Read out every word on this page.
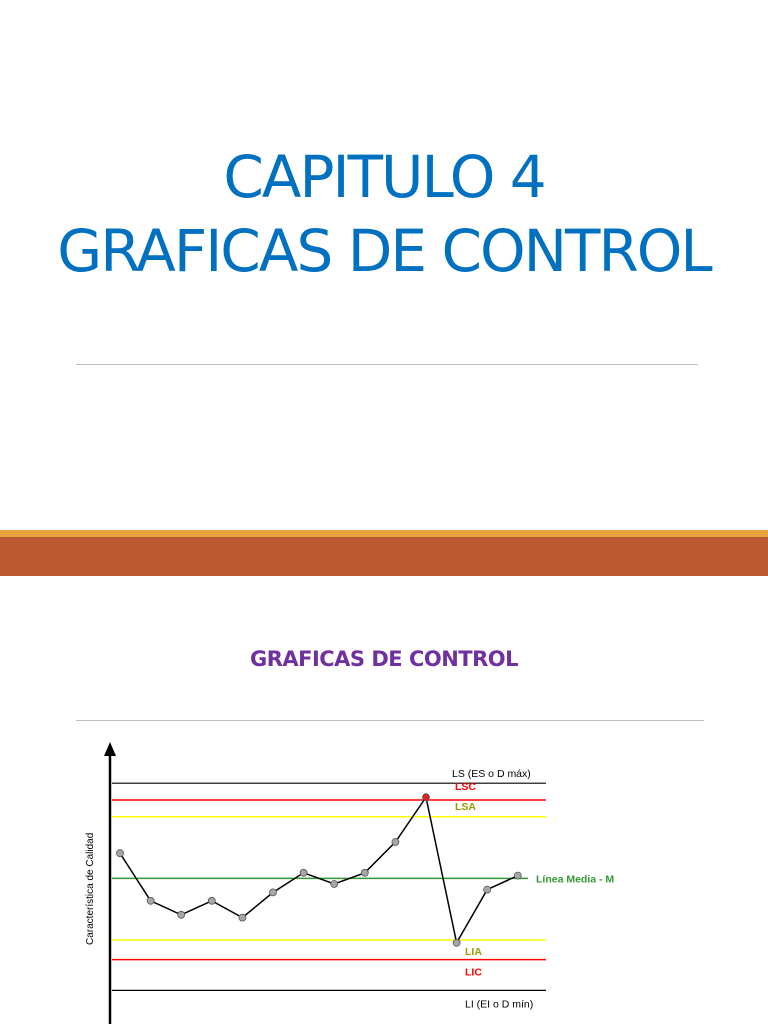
CAPITULO 4
GRAFICAS DE CONTROL
GRAFICAS DE CONTROL
Característica de Calidad
LS (ES o D máx)
LSC
LSA
Línea Media - M
LIA
LIC
LI (EI o D mín)
